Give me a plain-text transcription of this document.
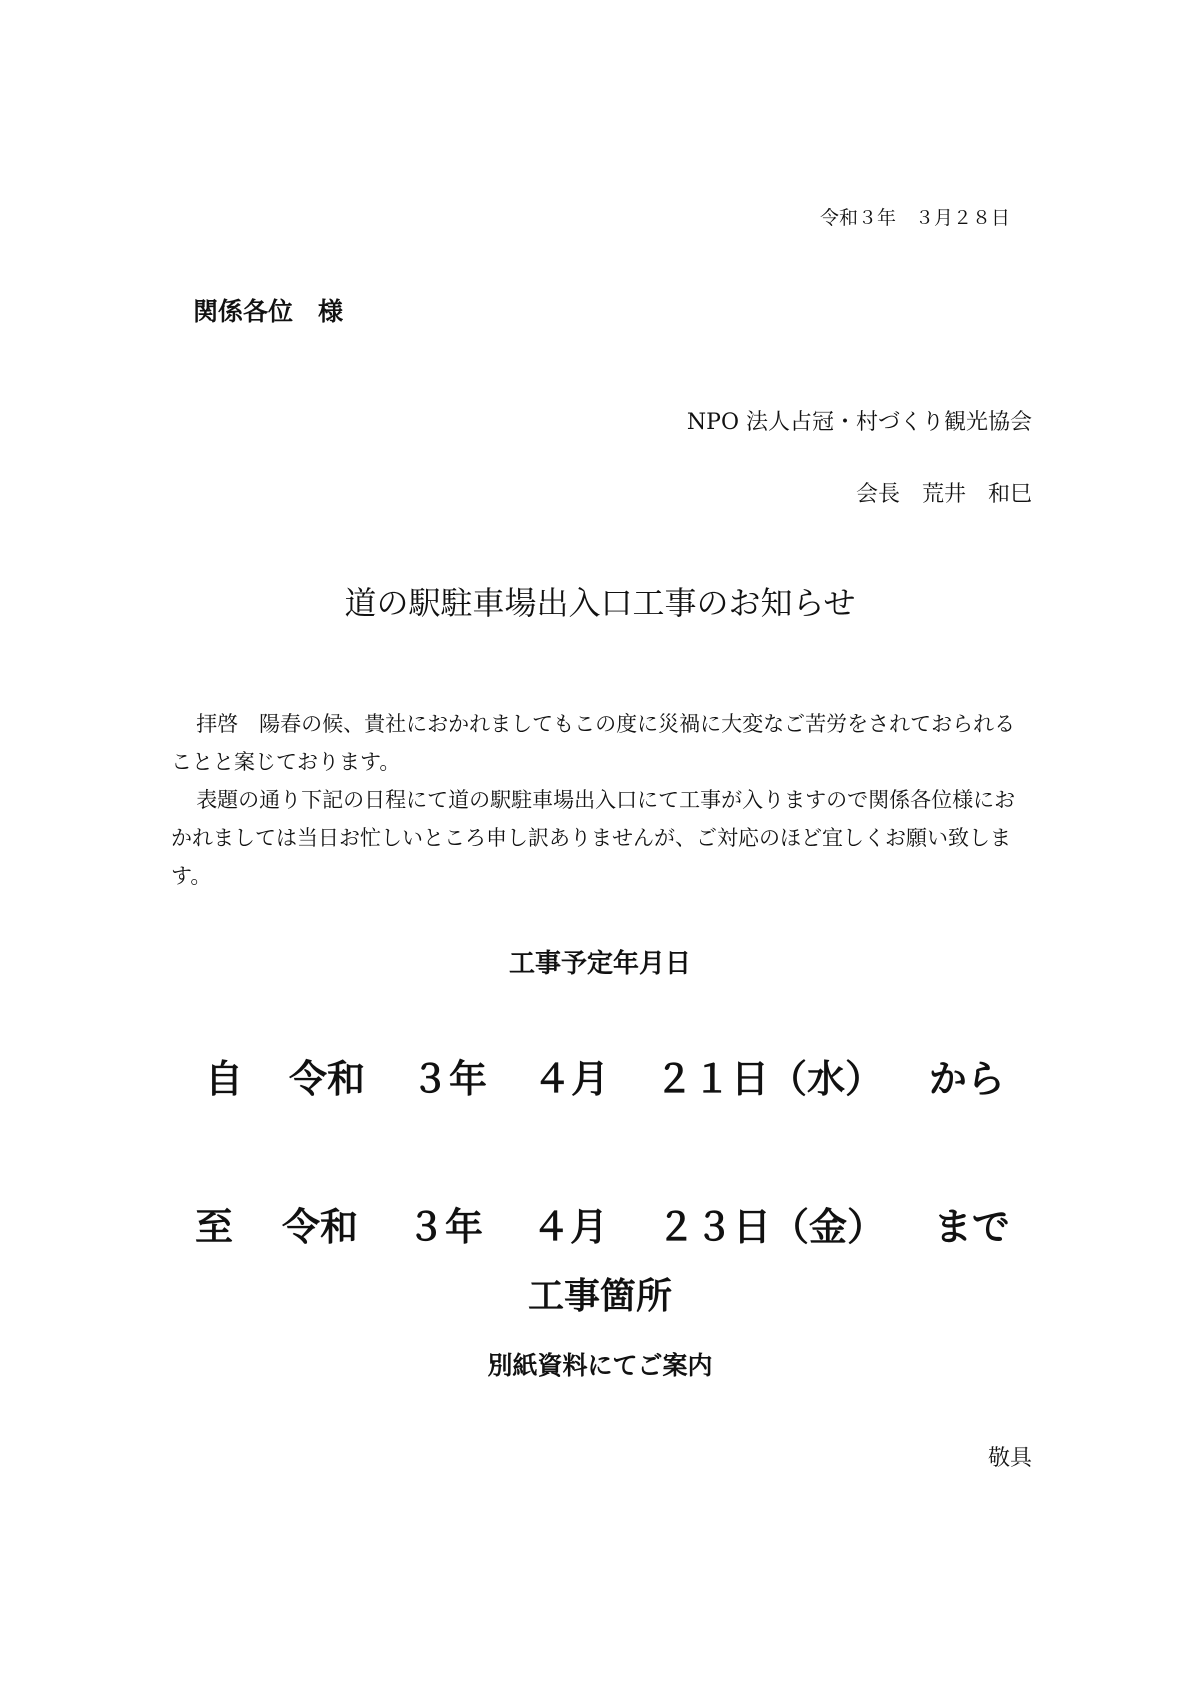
令和３年　３月２８日
関係各位　様
NPO 法人占冠・村づくり観光協会
会長　荒井　和巳
道の駅駐車場出入口工事のお知らせ

拝啓　陽春の候、貴社におかれましてもこの度に災禍に大変なご苦労をされておられることと案じております。

表題の通り下記の日程にて道の駅駐車場出入口にて工事が入りますので関係各位様におかれましては当日お忙しいところ申し訳ありませんが、ご対応のほど宜しくお願い致します。

工事予定年月日
自 令和 ３年 ４月 ２１日（水） から
至 令和 ３年 ４月 ２３日（金） まで
工事箇所
別紙資料にてご案内
敬具
